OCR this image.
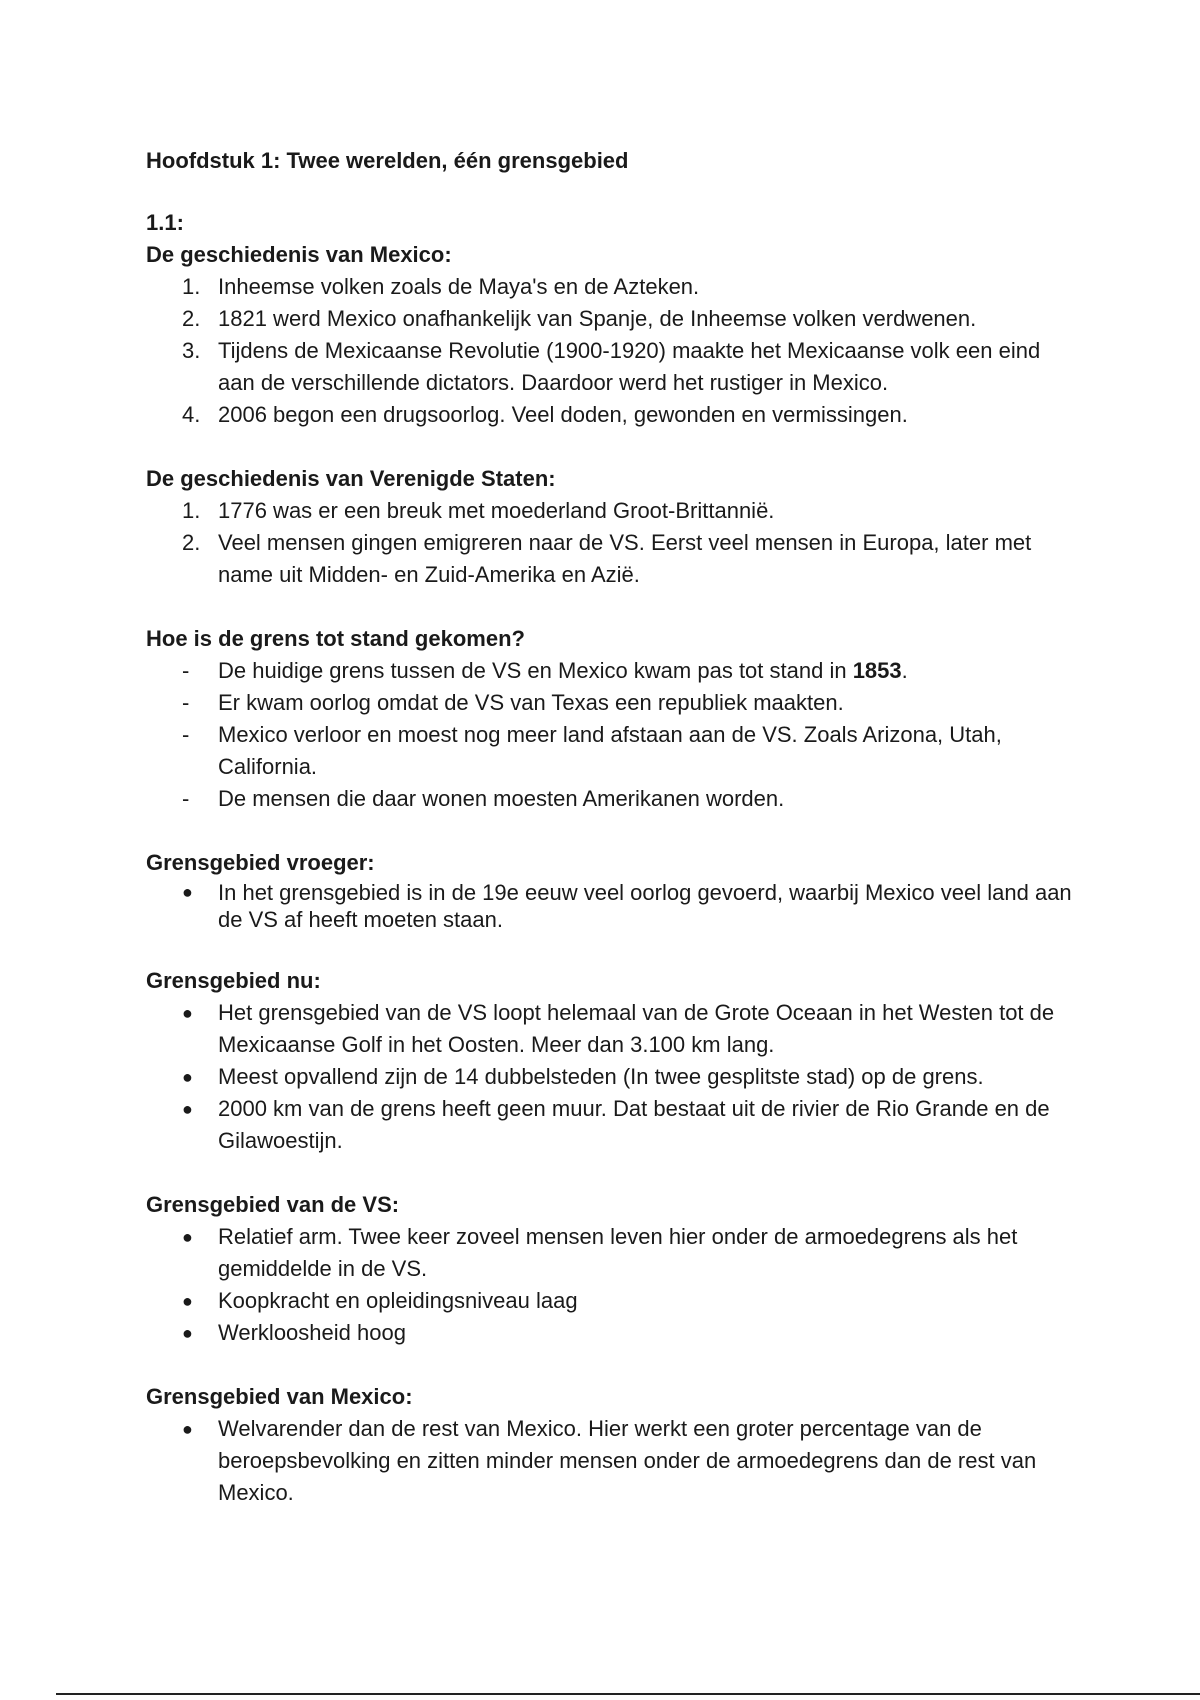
Hoofdstuk 1: Twee werelden, één grensgebied

1.1:

De geschiedenis van Mexico:

1. Inheemse volken zoals de Maya's en de Azteken.
2. 1821 werd Mexico onafhankelijk van Spanje, de Inheemse volken verdwenen.
3. Tijdens de Mexicaanse Revolutie (1900-1920) maakte het Mexicaanse volk een eind aan de verschillende dictators. Daardoor werd het rustiger in Mexico.
4. 2006 begon een drugsoorlog. Veel doden, gewonden en vermissingen.

De geschiedenis van Verenigde Staten:

1. 1776 was er een breuk met moederland Groot-Brittannië.
2. Veel mensen gingen emigreren naar de VS. Eerst veel mensen in Europa, later met name uit Midden- en Zuid-Amerika en Azië.

Hoe is de grens tot stand gekomen?

-	De huidige grens tussen de VS en Mexico kwam pas tot stand in 1853.
-	Er kwam oorlog omdat de VS van Texas een republiek maakten.
-	Mexico verloor en moest nog meer land afstaan aan de VS. Zoals Arizona, Utah, California.
-	De mensen die daar wonen moesten Amerikanen worden.

Grensgebied vroeger:

●	In het grensgebied is in de 19e eeuw veel oorlog gevoerd, waarbij Mexico veel land aan de VS af heeft moeten staan.

Grensgebied nu:

●	Het grensgebied van de VS loopt helemaal van de Grote Oceaan in het Westen tot de Mexicaanse Golf in het Oosten. Meer dan 3.100 km lang.
●	Meest opvallend zijn de 14 dubbelsteden (In twee gesplitste stad) op de grens.
●	2000 km van de grens heeft geen muur. Dat bestaat uit de rivier de Rio Grande en de Gilawoestijn.

Grensgebied van de VS:

●	Relatief arm. Twee keer zoveel mensen leven hier onder de armoedegrens als het gemiddelde in de VS.
●	Koopkracht en opleidingsniveau laag
●	Werkloosheid hoog

Grensgebied van Mexico:

●	Welvarender dan de rest van Mexico. Hier werkt een groter percentage van de beroepsbevolking en zitten minder mensen onder de armoedegrens dan de rest van Mexico.
